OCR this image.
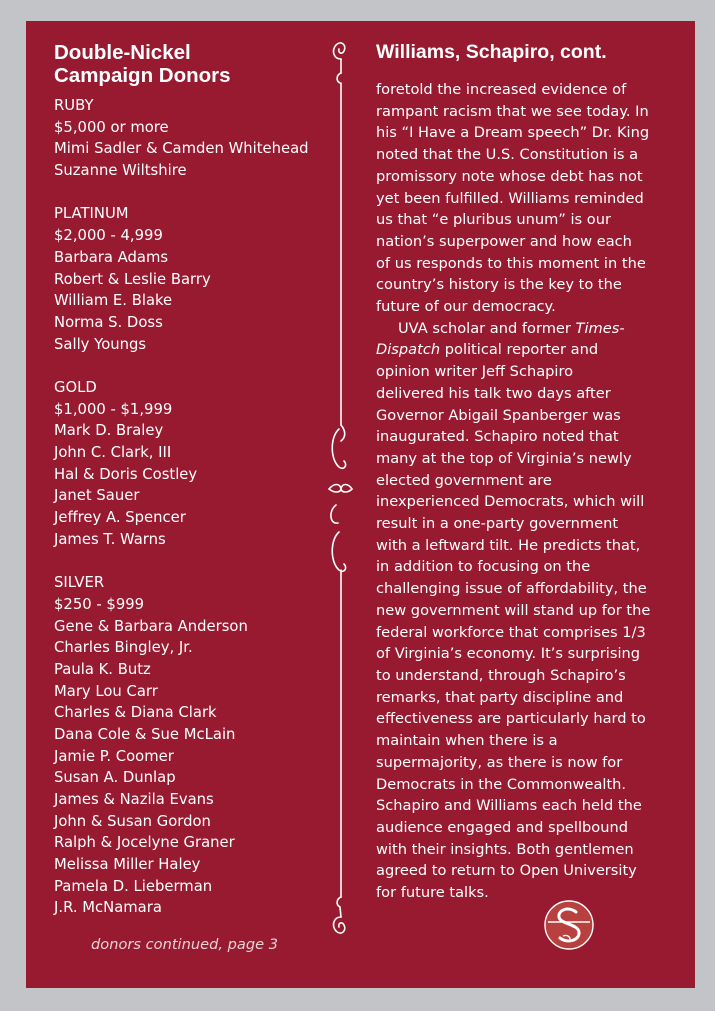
Double-Nickel
Campaign Donors
RUBY
$5,000 or more
Mimi Sadler & Camden Whitehead
Suzanne Wiltshire
PLATINUM
$2,000 - 4,999
Barbara Adams
Robert & Leslie Barry
William E. Blake
Norma S. Doss
Sally Youngs
GOLD
$1,000 - $1,999
Mark D. Braley
John C. Clark, III
Hal & Doris Costley
Janet Sauer
Jeffrey A. Spencer
James T. Warns
SILVER
$250 - $999
Gene & Barbara Anderson
Charles Bingley, Jr.
Paula K. Butz
Mary Lou Carr
Charles & Diana Clark
Dana Cole & Sue McLain
Jamie P. Coomer
Susan A. Dunlap
James & Nazila Evans
John & Susan Gordon
Ralph & Jocelyne Graner
Melissa Miller Haley
Pamela D. Lieberman
J.R. McNamara
donors continued, page 3
Williams, Schapiro, cont.
foretold the increased evidence of
rampant racism that we see today. In
his “I Have a Dream speech” Dr. King
noted that the U.S. Constitution is a
promissory note whose debt has not
yet been fulfilled. Williams reminded
us that “e pluribus unum” is our
nation’s superpower and how each
of us responds to this moment in the
country’s history is the key to the
future of our democracy.
UVA scholar and former Times-
Dispatch political reporter and
opinion writer Jeff Schapiro
delivered his talk two days after
Governor Abigail Spanberger was
inaugurated. Schapiro noted that
many at the top of Virginia’s newly
elected government are
inexperienced Democrats, which will
result in a one-party government
with a leftward tilt. He predicts that,
in addition to focusing on the
challenging issue of affordability, the
new government will stand up for the
federal workforce that comprises 1/3
of Virginia’s economy. It’s surprising
to understand, through Schapiro’s
remarks, that party discipline and
effectiveness are particularly hard to
maintain when there is a
supermajority, as there is now for
Democrats in the Commonwealth.
Schapiro and Williams each held the
audience engaged and spellbound
with their insights. Both gentlemen
agreed to return to Open University
for future talks.
